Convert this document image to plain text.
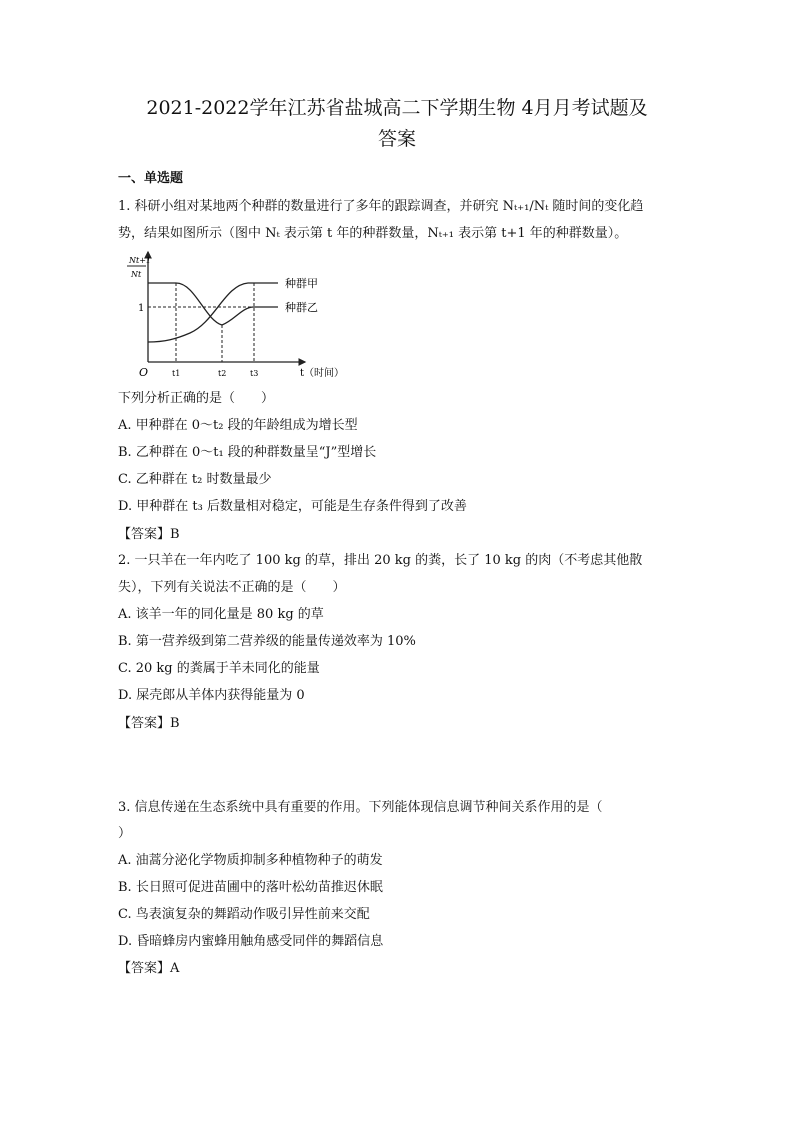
2021-2022学年江苏省盐城高二下学期生物 4月月考试题及
答案
一、单选题
1. 科研小组对某地两个种群的数量进行了多年的跟踪调查，并研究 Nₜ₊₁/Nₜ 随时间的变化趋
势，结果如图所示（图中 Nₜ 表示第 t 年的种群数量，Nₜ₊₁ 表示第 t+1 年的种群数量）。
Nt+1
Nt
1
O	t1	t2	t3	t（时间）
种群甲
种群乙
下列分析正确的是（　　）
A. 甲种群在 0～t₂ 段的年龄组成为增长型
B. 乙种群在 0～t₁ 段的种群数量呈“J”型增长
C. 乙种群在 t₂ 时数量最少
D. 甲种群在 t₃ 后数量相对稳定，可能是生存条件得到了改善
【答案】B
2. 一只羊在一年内吃了 100 kg 的草，排出 20 kg 的粪，长了 10 kg 的肉（不考虑其他散
失），下列有关说法不正确的是（　　）
A. 该羊一年的同化量是 80 kg 的草
B. 第一营养级到第二营养级的能量传递效率为 10%
C. 20 kg 的粪属于羊未同化的能量
D. 屎壳郎从羊体内获得能量为 0
【答案】B
3. 信息传递在生态系统中具有重要的作用。下列能体现信息调节种间关系作用的是（
）
A. 油蒿分泌化学物质抑制多种植物种子的萌发
B. 长日照可促进苗圃中的落叶松幼苗推迟休眠
C. 鸟表演复杂的舞蹈动作吸引异性前来交配
D. 昏暗蜂房内蜜蜂用触角感受同伴的舞蹈信息
【答案】A
